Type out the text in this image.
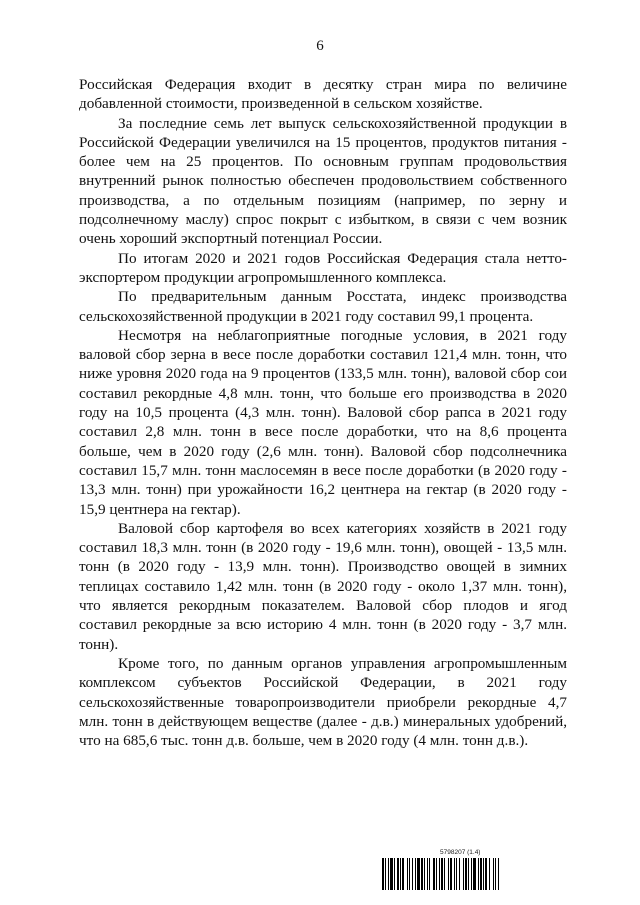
6

Российская Федерация входит в десятку стран мира по величине добавленной стоимости, произведенной в сельском хозяйстве.

За последние семь лет выпуск сельскохозяйственной продукции в Российской Федерации увеличился на 15 процентов, продуктов питания - более чем на 25 процентов. По основным группам продовольствия внутренний рынок полностью обеспечен продовольствием собственного производства, а по отдельным позициям (например, по зерну и подсолнечному маслу) спрос покрыт с избытком, в связи с чем возник очень хороший экспортный потенциал России.

По итогам 2020 и 2021 годов Российская Федерация стала нетто-экспортером продукции агропромышленного комплекса.

По предварительным данным Росстата, индекс производства сельскохозяйственной продукции в 2021 году составил 99,1 процента.

Несмотря на неблагоприятные погодные условия, в 2021 году валовой сбор зерна в весе после доработки составил 121,4 млн. тонн, что ниже уровня 2020 года на 9 процентов (133,5 млн. тонн), валовой сбор сои составил рекордные 4,8 млн. тонн, что больше его производства в 2020 году на 10,5 процента (4,3 млн. тонн). Валовой сбор рапса в 2021 году составил 2,8 млн. тонн в весе после доработки, что на 8,6 процента больше, чем в 2020 году (2,6 млн. тонн). Валовой сбор подсолнечника составил 15,7 млн. тонн маслосемян в весе после доработки (в 2020 году - 13,3 млн. тонн) при урожайности 16,2 центнера на гектар (в 2020 году - 15,9 центнера на гектар).

Валовой сбор картофеля во всех категориях хозяйств в 2021 году составил 18,3 млн. тонн (в 2020 году - 19,6 млн. тонн), овощей - 13,5 млн. тонн (в 2020 году - 13,9 млн. тонн). Производство овощей в зимних теплицах составило 1,42 млн. тонн (в 2020 году - около 1,37 млн. тонн), что является рекордным показателем. Валовой сбор плодов и ягод составил рекордные за всю историю 4 млн. тонн (в 2020 году - 3,7 млн. тонн).

Кроме того, по данным органов управления агропромышленным комплексом субъектов Российской Федерации, в 2021 году сельскохозяйственные товаропроизводители приобрели рекордные 4,7 млн. тонн в действующем веществе (далее - д.в.) минеральных удобрений, что на 685,6 тыс. тонн д.в. больше, чем в 2020 году (4 млн. тонн д.в.).

5798207 (1.4)
